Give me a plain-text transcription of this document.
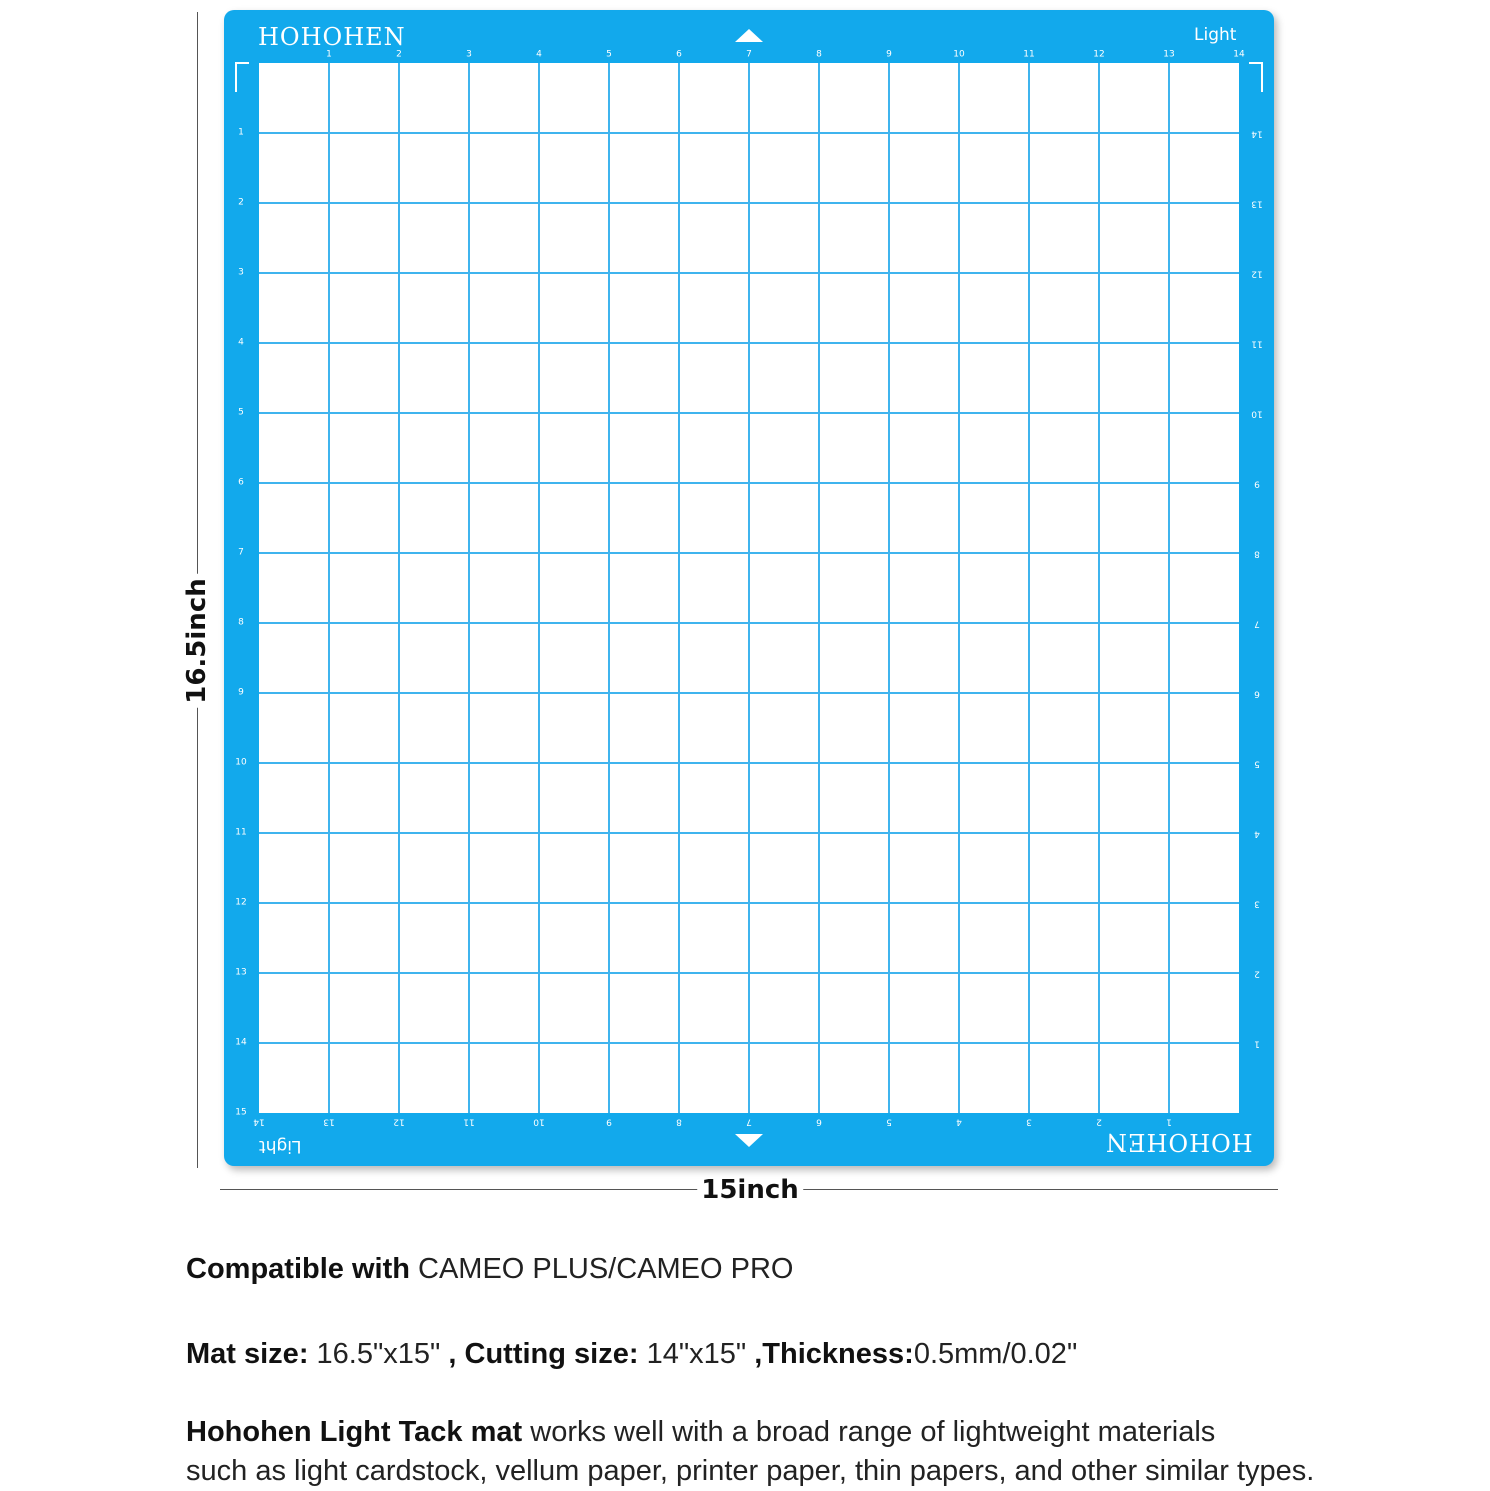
16.5inch
15inch
HOHOHEN	Light
HOHOHEN
Light
1	2	3	4	5	6	7	8	9	10	11	12	13	14
14	13	12	11	10	9	8	7	6	5	4	3	2	1
1
2
3
4
5
6
7
8
9
10
11
12
13
14
15
14
13
12
11
10
9
8
7
6
5
4
3
2
1
Compatible with CAMEO PLUS/CAMEO PRO
Mat size: 16.5"x15" , Cutting size: 14"x15" ,Thickness:0.5mm/0.02"
Hohohen Light Tack mat works well with a broad range of lightweight materials
such as light cardstock, vellum paper, printer paper, thin papers, and other similar types.
